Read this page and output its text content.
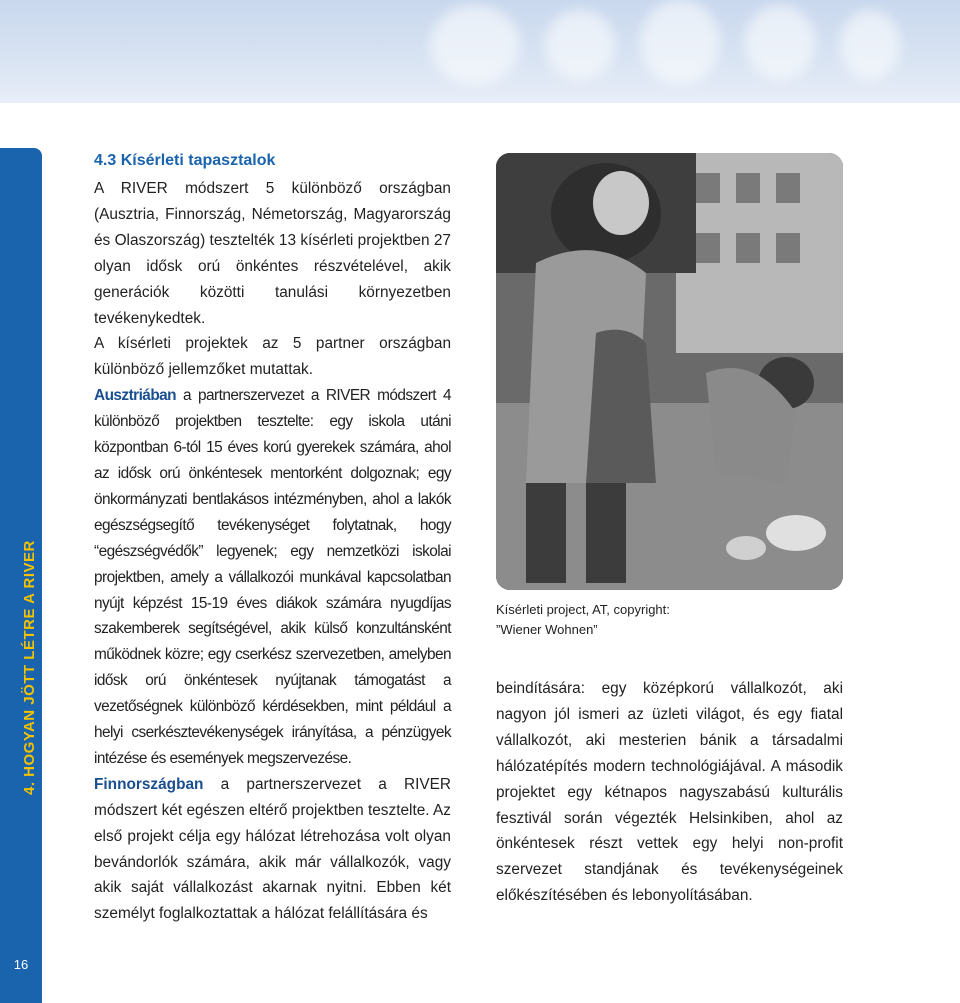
4. HOGYAN JÖTT LÉTRE A RIVER
16
4.3 Kísérleti tapasztalok

A RIVER módszert 5 különböző országban (Ausztria, Finnország, Németország, Magyarország és Olaszország) tesztelték 13 kísérleti projektben 27 olyan idősk orú önkéntes részvételével, akik generációk közötti tanulási környezetben tevékenykedtek.

A kísérleti projektek az 5 partner országban különböző jellemzőket mutattak.

Ausztriában a partnerszervezet a RIVER módszert 4 különböző projektben tesztelte: egy iskola utáni központban 6-tól 15 éves korú gyerekek számára, ahol az idősk orú önkéntesek mentorként dolgoznak; egy önkormányzati bentlakásos intézményben, ahol a lakók egészségsegítő tevékenységet folytatnak, hogy “egészségvédők” legyenek; egy nemzetközi iskolai projektben, amely a vállalkozói munkával kapcsolatban nyújt képzést 15-19 éves diákok számára nyugdíjas szakemberek segítségével, akik külső konzultánsként működnek közre; egy cserkész szervezetben, amelyben idősk orú önkéntesek nyújtanak támogatást a vezetőségnek különböző kérdésekben, mint például a helyi cserkésztevékenységek irányítása, a pénzügyek intézése és események megszervezése.

Finnországban a partnerszervezet a RIVER módszert két egészen eltérő projektben tesztelte. Az első projekt célja egy hálózat létrehozása volt olyan bevándorlók számára, akik már vállalkozók, vagy akik saját vállalkozást akarnak nyitni. Ebben két személyt foglalkoztattak a hálózat felállítására és

Kísérleti project, AT, copyright:
”Wiener Wohnen”

beindítására: egy középkorú vállalkozót, aki nagyon jól ismeri az üzleti világot, és egy fiatal vállalkozót, aki mesterien bánik a társadalmi hálózatépítés modern technológiájával. A második projektet egy kétnapos nagyszabású kulturális fesztivál során végezték Helsinkiben, ahol az önkéntesek részt vettek egy helyi non-profit szervezet standjának és tevékenységeinek előkészítésében és lebonyolításában.
